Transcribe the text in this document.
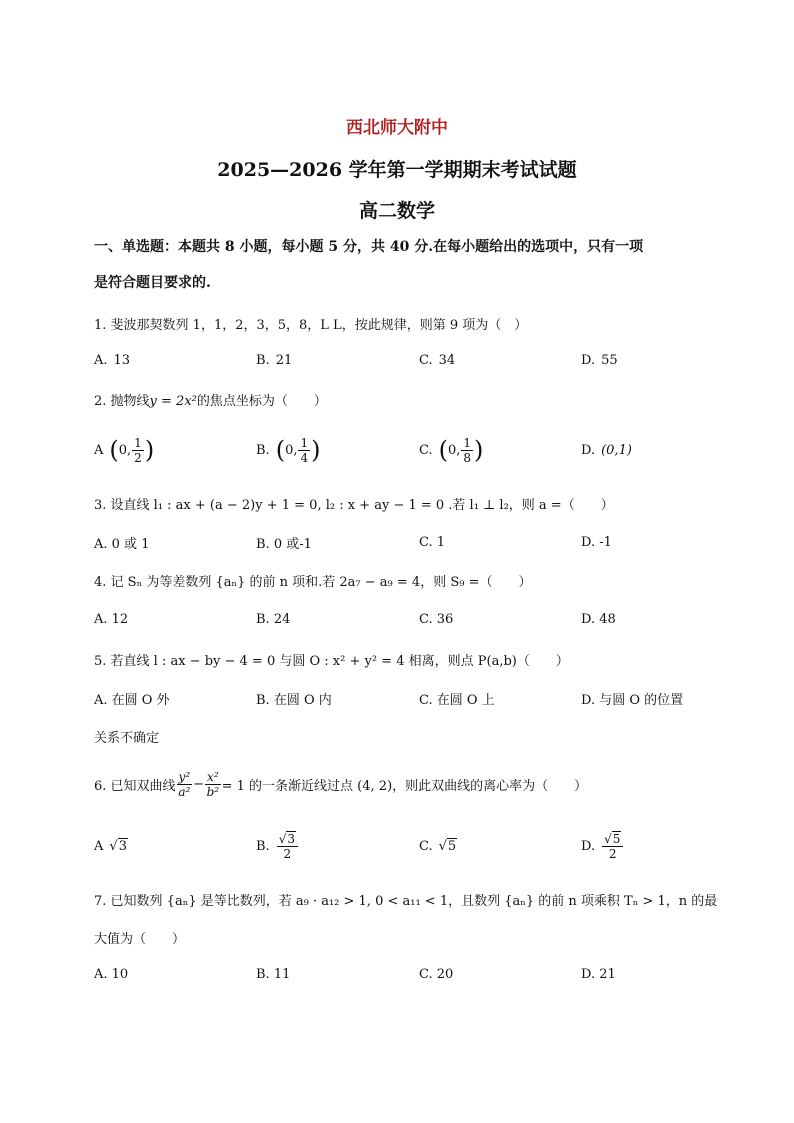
西北师大附中
2025—2026 学年第一学期期末考试试题
高二数学
一、单选题：本题共 8 小题，每小题 5 分，共 40 分.在每小题给出的选项中，只有一项
是符合题目要求的.
1. 斐波那契数列 1，1，2，3，5，8，L L，按此规律，则第 9 项为（　）
A. 13	B. 21	C. 34	D. 55
2. 抛物线y = 2x²的焦点坐标为（　　）
A ( 0, $\frac{1}{2}$ )	B. ( 0, $\frac{1}{4}$ )	C. ( 0, $\frac{1}{8}$ )	D. (0,1)
3. 设直线 l₁ : ax + (a − 2)y + 1 = 0, l₂ : x + ay − 1 = 0 .若 l₁ ⊥ l₂，则 a =（　　）
A. 0 或 1	B. 0 或-1	C. 1	D. -1
4. 记 Sₙ 为等差数列 {aₙ} 的前 n 项和.若 2a₇ − a₉ = 4，则 S₉ =（　　）
A. 12	B. 24	C. 36	D. 48
5. 若直线 l : ax − by − 4 = 0 与圆 O : x² + y² = 4 相离，则点 P(a,b)（　　）
A. 在圆 O 外	B. 在圆 O 内	C. 在圆 O 上	D. 与圆 O 的位置
关系不确定
6. 已知双曲线 $\frac{\text{y²}}{\text{a²}} - \frac{\text{x²}}{\text{b²}} = 1$ 的一条渐近线过点 (4, 2)，则此双曲线的离心率为（　　）
A √3	B. $\frac{√3}{2}$	C. √5	D. $\frac{√5}{2}$
7. 已知数列 {aₙ} 是等比数列，若 a₉ · a₁₂ > 1, 0 < a₁₁ < 1，且数列 {aₙ} 的前 n 项乘积 Tₙ > 1，n 的最
大值为（　　）
A. 10	B. 11	C. 20	D. 21
